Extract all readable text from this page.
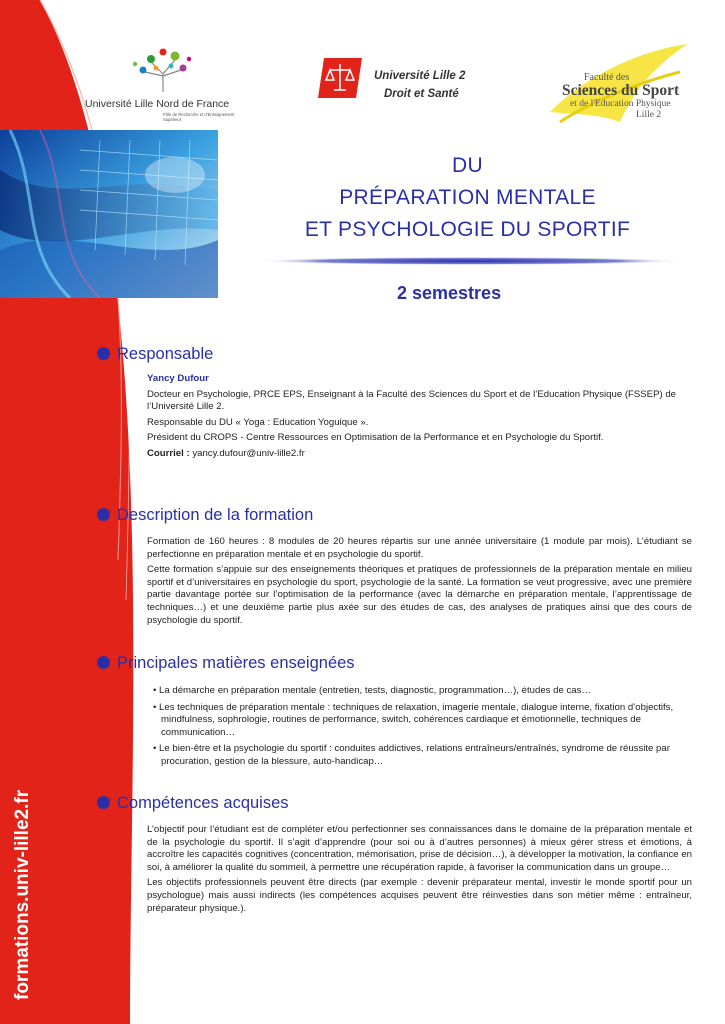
Université Lille Nord de France
Pôle de Recherche et d'Enseignement Supérieur
Université Lille 2
Droit et Santé
Faculté des
Sciences du Sport
et de l'Education Physique
Lille 2
DU
PRÉPARATION MENTALE
ET PSYCHOLOGIE DU SPORTIF
2 semestres
Responsable

Yancy Dufour

Docteur en Psychologie, PRCE EPS, Enseignant à la Faculté des Sciences du Sport et de l’Education Physique (FSSEP) de l’Université Lille 2.

Responsable du DU « Yoga : Education Yoguique ».

Président du CROPS - Centre Ressources en Optimisation de la Performance et en Psychologie du Sportif.

Courriel : yancy.dufour@univ-lille2.fr

Description de la formation

Formation de 160 heures : 8 modules de 20 heures répartis sur une année universitaire (1 module par mois). L’étudiant se perfectionne en préparation mentale et en psychologie du sportif.

Cette formation s’appuie sur des enseignements théoriques et pratiques de professionnels de la préparation mentale en milieu sportif et d’universitaires en psychologie du sport, psychologie de la santé. La formation se veut progressive, avec une première partie davantage portée sur l’optimisation de la performance (avec la démarche en préparation mentale, l’apprentissage de techniques…) et une deuxième partie plus axée sur des études de cas, des analyses de pratiques ainsi que des cours de psychologie du sportif.

Principales matières enseignées

• La démarche en préparation mentale (entretien, tests, diagnostic, programmation…), études de cas…

• Les techniques de préparation mentale : techniques de relaxation, imagerie mentale, dialogue interne, fixation d’objectifs, mindfulness, sophrologie, routines de performance, switch, cohérences cardiaque et émotionnelle, techniques de communication…

• Le bien-être et la psychologie du sportif : conduites addictives, relations entraîneurs/entraînés, syndrome de réussite par procuration, gestion de la blessure, auto-handicap…

Compétences acquises

L’objectif pour l’étudiant est de compléter et/ou perfectionner ses connaissances dans le domaine de la préparation mentale et de la psychologie du sportif. Il s’agit d’apprendre (pour soi ou à d’autres personnes) à mieux gérer stress et émotions, à accroître les capacités cognitives (concentration, mémorisation, prise de décision…), à développer la motivation, la confiance en soi, à améliorer la qualité du sommeil, à permettre une récupération rapide, à favoriser la communication dans un groupe…

Les objectifs professionnels peuvent être directs (par exemple : devenir préparateur mental, investir le monde sportif pour un psychologue) mais aussi indirects (les compétences acquises peuvent être réinvesties dans son métier même : entraîneur, préparateur physique.).

formations.univ-lille2.fr
